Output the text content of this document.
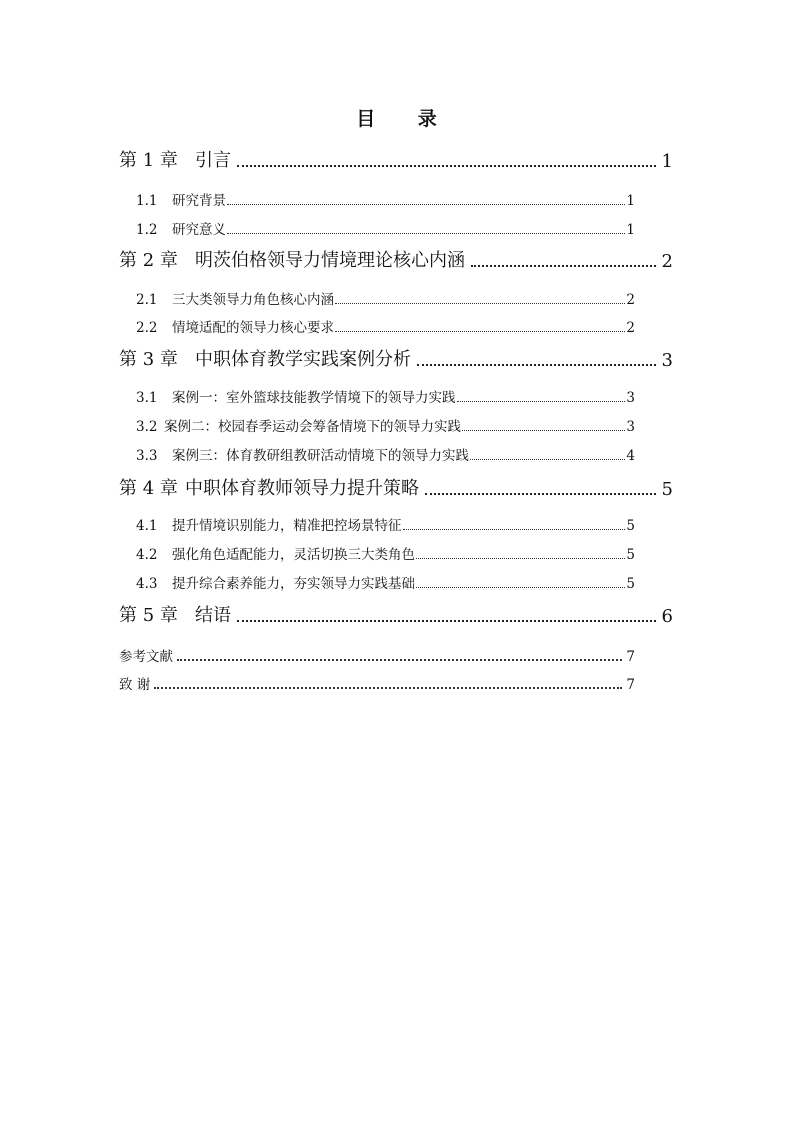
目 录
第 1 章 引言	1
1.1	研究背景	1
1.2	研究意义	1
第 2 章 明茨伯格领导力情境理论核心内涵	2
2.1	三大类领导力角色核心内涵	2
2.2	情境适配的领导力核心要求	2
第 3 章 中职体育教学实践案例分析	3
3.1	案例一：室外篮球技能教学情境下的领导力实践	3
3.2 案例二：校园春季运动会筹备情境下的领导力实践	3
3.3	案例三：体育教研组教研活动情境下的领导力实践	4
第 4 章 中职体育教师领导力提升策略	5
4.1	提升情境识别能力，精准把控场景特征	5
4.2	强化角色适配能力，灵活切换三大类角色	5
4.3	提升综合素养能力，夯实领导力实践基础	5
第 5 章 结语	6
参考文献	7
致 谢	7
